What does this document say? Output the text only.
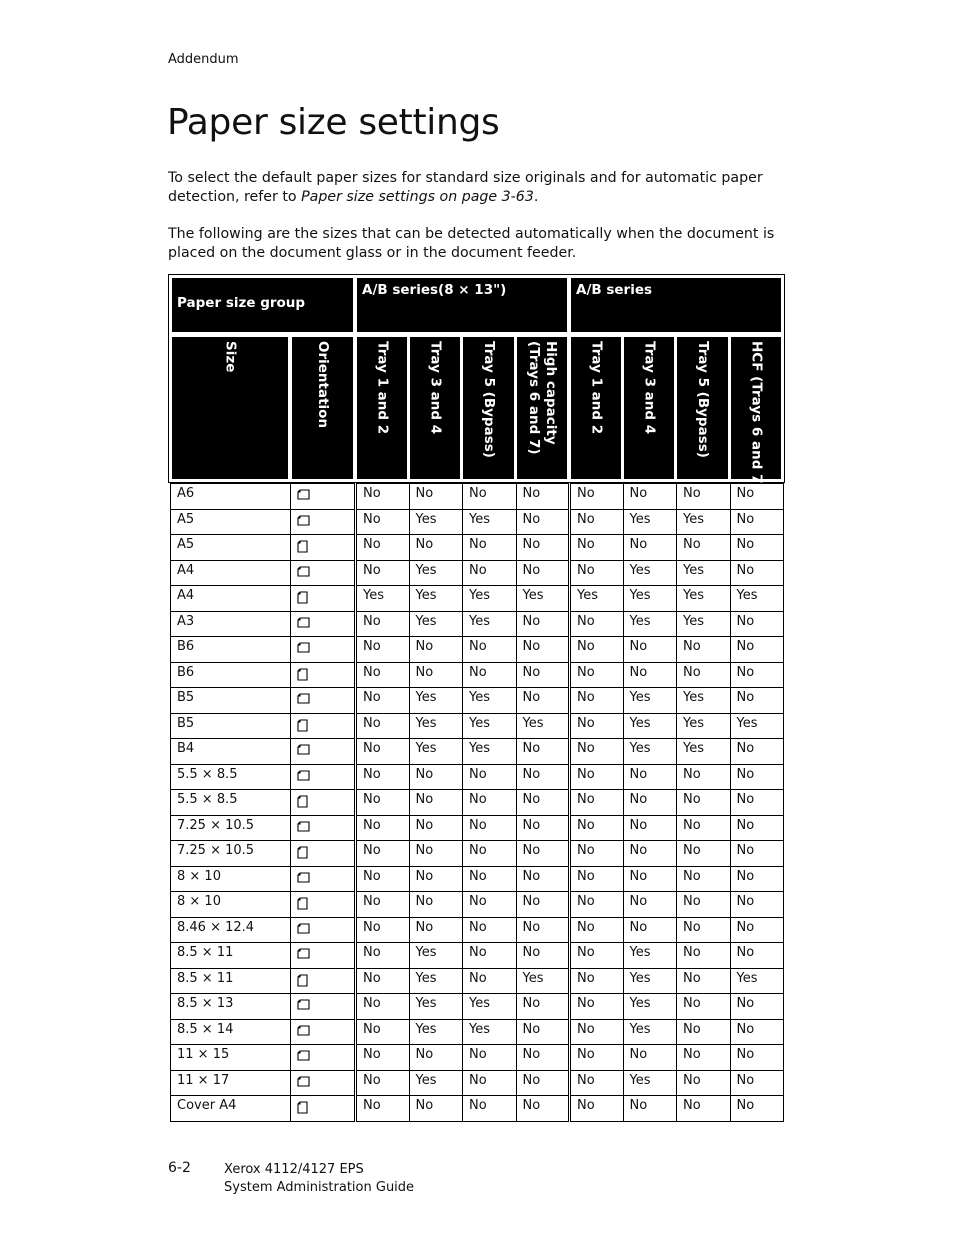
Addendum
Paper size settings

To select the default paper sizes for standard size originals and for automatic paper detection, refer to Paper size settings on page 3-63.

The following are the sizes that can be detected automatically when the document is placed on the document glass or in the document feeder.

Paper size group
A/B series(8 × 13")	A/B series
Size	Orientation	Tray 1 and 2	Tray 3 and 4	Tray 5 (Bypass)	High capacity (Trays 6 and 7)	Tray 1 and 2	Tray 3 and 4	Tray 5 (Bypass)	HCF (Trays 6 and 7)
A6		No	No	No	No	No	No	No	No
A5		No	Yes	Yes	No	No	Yes	Yes	No
A5		No	No	No	No	No	No	No	No
A4		No	Yes	No	No	No	Yes	Yes	No
A4		Yes	Yes	Yes	Yes	Yes	Yes	Yes	Yes
A3		No	Yes	Yes	No	No	Yes	Yes	No
B6		No	No	No	No	No	No	No	No
B6		No	No	No	No	No	No	No	No
B5		No	Yes	Yes	No	No	Yes	Yes	No
B5		No	Yes	Yes	Yes	No	Yes	Yes	Yes
B4		No	Yes	Yes	No	No	Yes	Yes	No
5.5 × 8.5		No	No	No	No	No	No	No	No
5.5 × 8.5		No	No	No	No	No	No	No	No
7.25 × 10.5		No	No	No	No	No	No	No	No
7.25 × 10.5		No	No	No	No	No	No	No	No
8 × 10		No	No	No	No	No	No	No	No
8 × 10		No	No	No	No	No	No	No	No
8.46 × 12.4		No	No	No	No	No	No	No	No
8.5 × 11		No	Yes	No	No	No	Yes	No	No
8.5 × 11		No	Yes	No	Yes	No	Yes	No	Yes
8.5 × 13		No	Yes	Yes	No	No	Yes	No	No
8.5 × 14		No	Yes	Yes	No	No	Yes	No	No
11 × 15		No	No	No	No	No	No	No	No
11 × 17		No	Yes	No	No	No	Yes	No	No
Cover A4		No	No	No	No	No	No	No	No
6-2	Xerox 4112/4127 EPS
System Administration Guide
